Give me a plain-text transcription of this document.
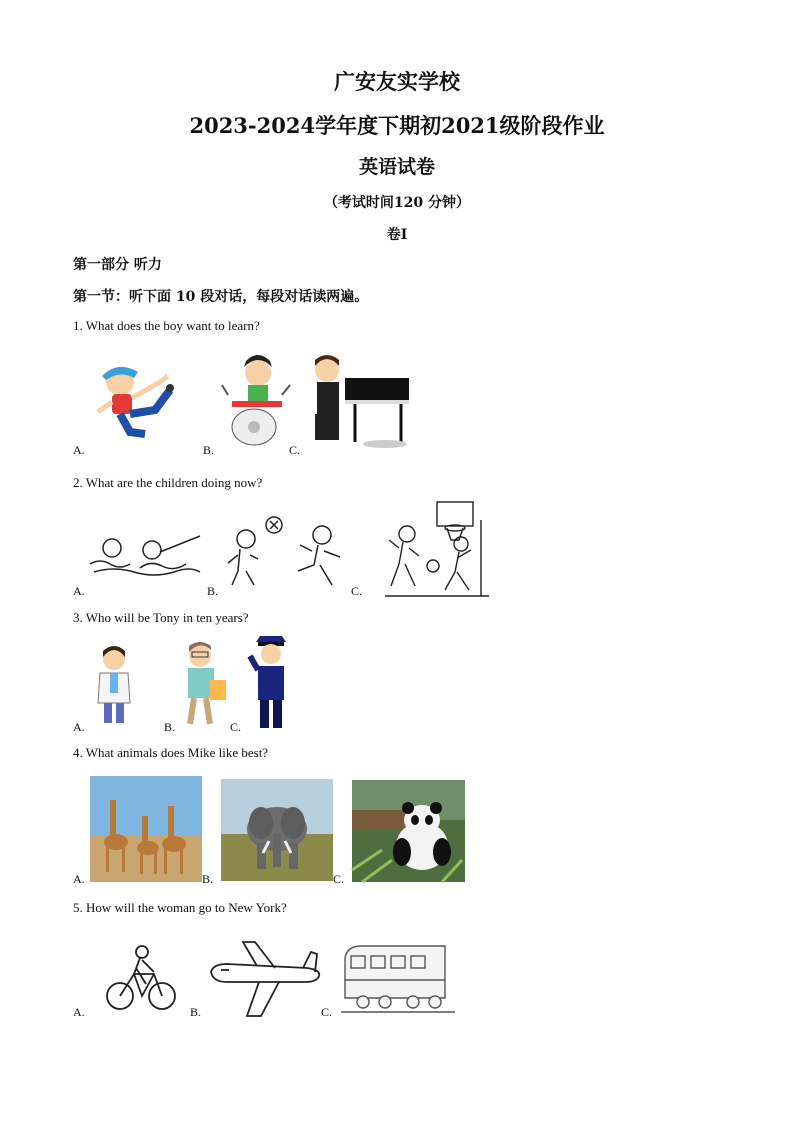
广安友实学校
2023-2024学年度下期初2021级阶段作业
英语试卷
（考试时间120 分钟）
卷I
第一部分 听力
第一节：听下面 10 段对话，每段对话读两遍。
1. What does the boy want to learn?
A.	B.	C.
2. What are the children doing now?
A.	B.	C.
3. Who will be Tony in ten years?
A.	B.	C.
4. What animals does Mike like best?
A.	B.	C.
5. How will the woman go to New York?
A.	B.	C.
